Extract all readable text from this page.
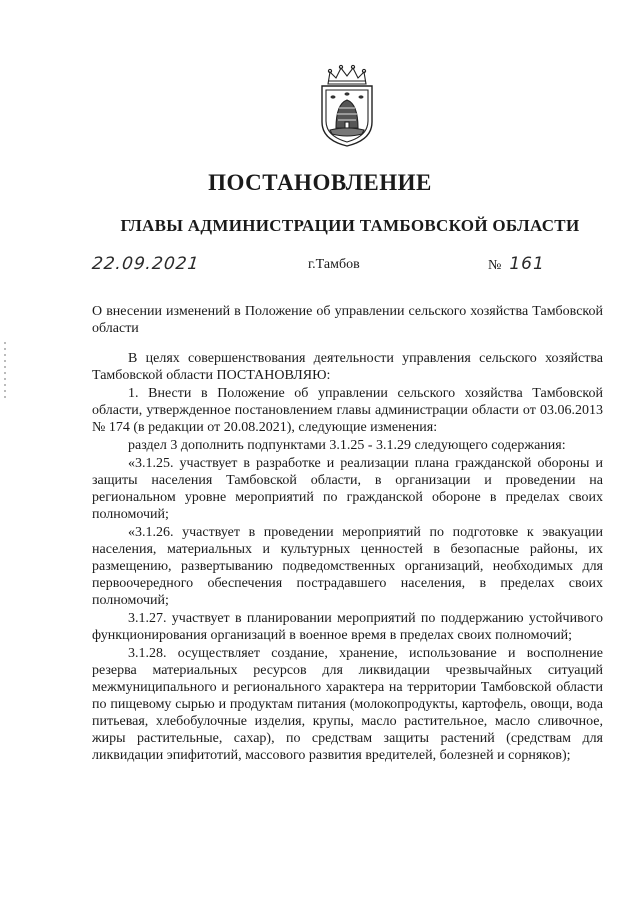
ПОСТАНОВЛЕНИЕ
ГЛАВЫ АДМИНИСТРАЦИИ ТАМБОВСКОЙ ОБЛАСТИ
22.09.2021	г.Тамбов	№ 161
О внесении изменений в Положение об управлении сельского хозяйства Тамбовской области

В целях совершенствования деятельности управления сельского хозяйства Тамбовской области ПОСТАНОВЛЯЮ:

1. Внести в Положение об управлении сельского хозяйства Тамбовской области, утвержденное постановлением главы администрации области от 03.06.2013 № 174 (в редакции от 20.08.2021), следующие изменения:

раздел 3 дополнить подпунктами 3.1.25 - 3.1.29 следующего содержания:

«3.1.25. участвует в разработке и реализации плана гражданской обороны и защиты населения Тамбовской области, в организации и проведении на региональном уровне мероприятий по гражданской обороне в пределах своих полномочий;

«3.1.26. участвует в проведении мероприятий по подготовке к эвакуации населения, материальных и культурных ценностей в безопасные районы, их размещению, развертыванию подведомственных организаций, необходимых для первоочередного обеспечения пострадавшего населения, в пределах своих полномочий;

3.1.27. участвует в планировании мероприятий по поддержанию устойчивого функционирования организаций в военное время в пределах своих полномочий;

3.1.28. осуществляет создание, хранение, использование и восполнение резерва материальных ресурсов для ликвидации чрезвычайных ситуаций межмуниципального и регионального характера на территории Тамбовской области по пищевому сырью и продуктам питания (молокопродукты, картофель, овощи, вода питьевая, хлебобулочные изделия, крупы, масло растительное, масло сливочное, жиры растительные, сахар), по средствам защиты растений (средствам для ликвидации эпифитотий, массового развития вредителей, болезней и сорняков);
